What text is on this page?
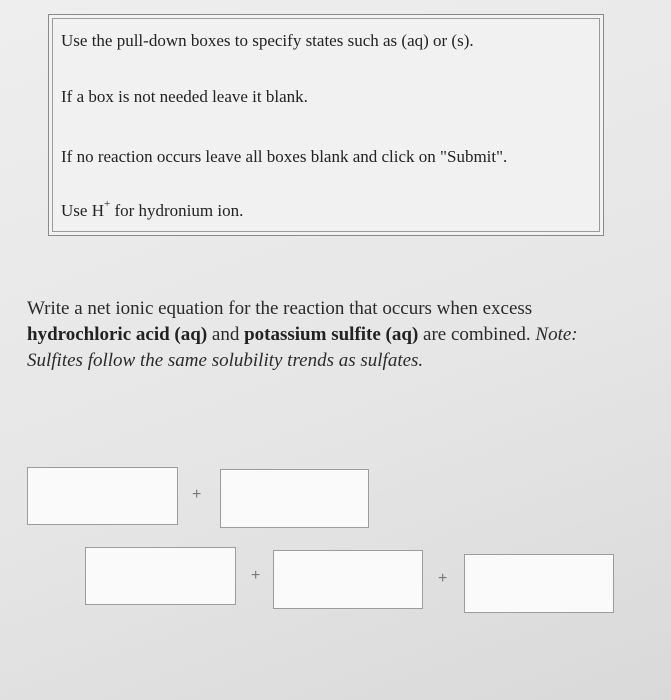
Use the pull-down boxes to specify states such as (aq) or (s).
If a box is not needed leave it blank.
If no reaction occurs leave all boxes blank and click on "Submit".
Use H+ for hydronium ion.
Write a net ionic equation for the reaction that occurs when excess hydrochloric acid (aq) and potassium sulfite (aq) are combined. Note: Sulfites follow the same solubility trends as sulfates.
+
+	+
